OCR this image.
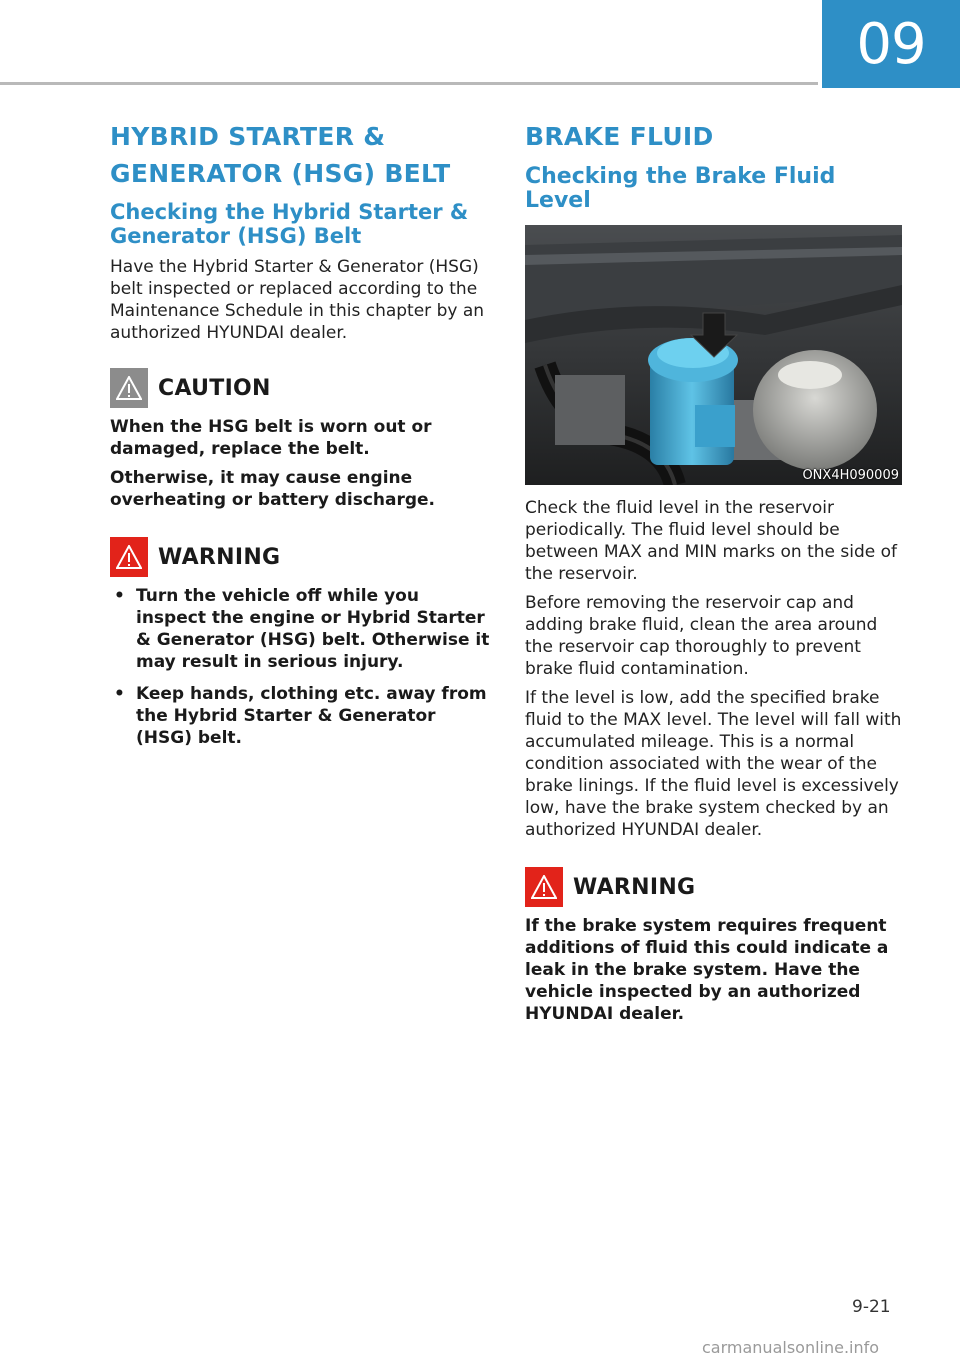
09
HYBRID STARTER &
GENERATOR (HSG) BELT
Checking the Hybrid Starter & Generator (HSG) Belt

Have the Hybrid Starter & Generator (HSG) belt inspected or replaced according to the Maintenance Schedule in this chapter by an authorized HYUNDAI dealer.

CAUTION

When the HSG belt is worn out or damaged, replace the belt.

Otherwise, it may cause engine overheating or battery discharge.

WARNING
• Turn the vehicle off while you inspect the engine or Hybrid Starter & Generator (HSG) belt. Otherwise it may result in serious injury.
• Keep hands, clothing etc. away from the Hybrid Starter & Generator (HSG) belt.
BRAKE FLUID
Checking the Brake Fluid Level
ONX4H090009

Check the fluid level in the reservoir periodically. The fluid level should be between MAX and MIN marks on the side of the reservoir.

Before removing the reservoir cap and adding brake fluid, clean the area around the reservoir cap thoroughly to prevent brake fluid contamination.

If the level is low, add the specified brake fluid to the MAX level. The level will fall with accumulated mileage. This is a normal condition associated with the wear of the brake linings. If the fluid level is excessively low, have the brake system checked by an authorized HYUNDAI dealer.

WARNING

If the brake system requires frequent additions of fluid this could indicate a leak in the brake system. Have the vehicle inspected by an authorized HYUNDAI dealer.

9-21
carmanualsonline.info
